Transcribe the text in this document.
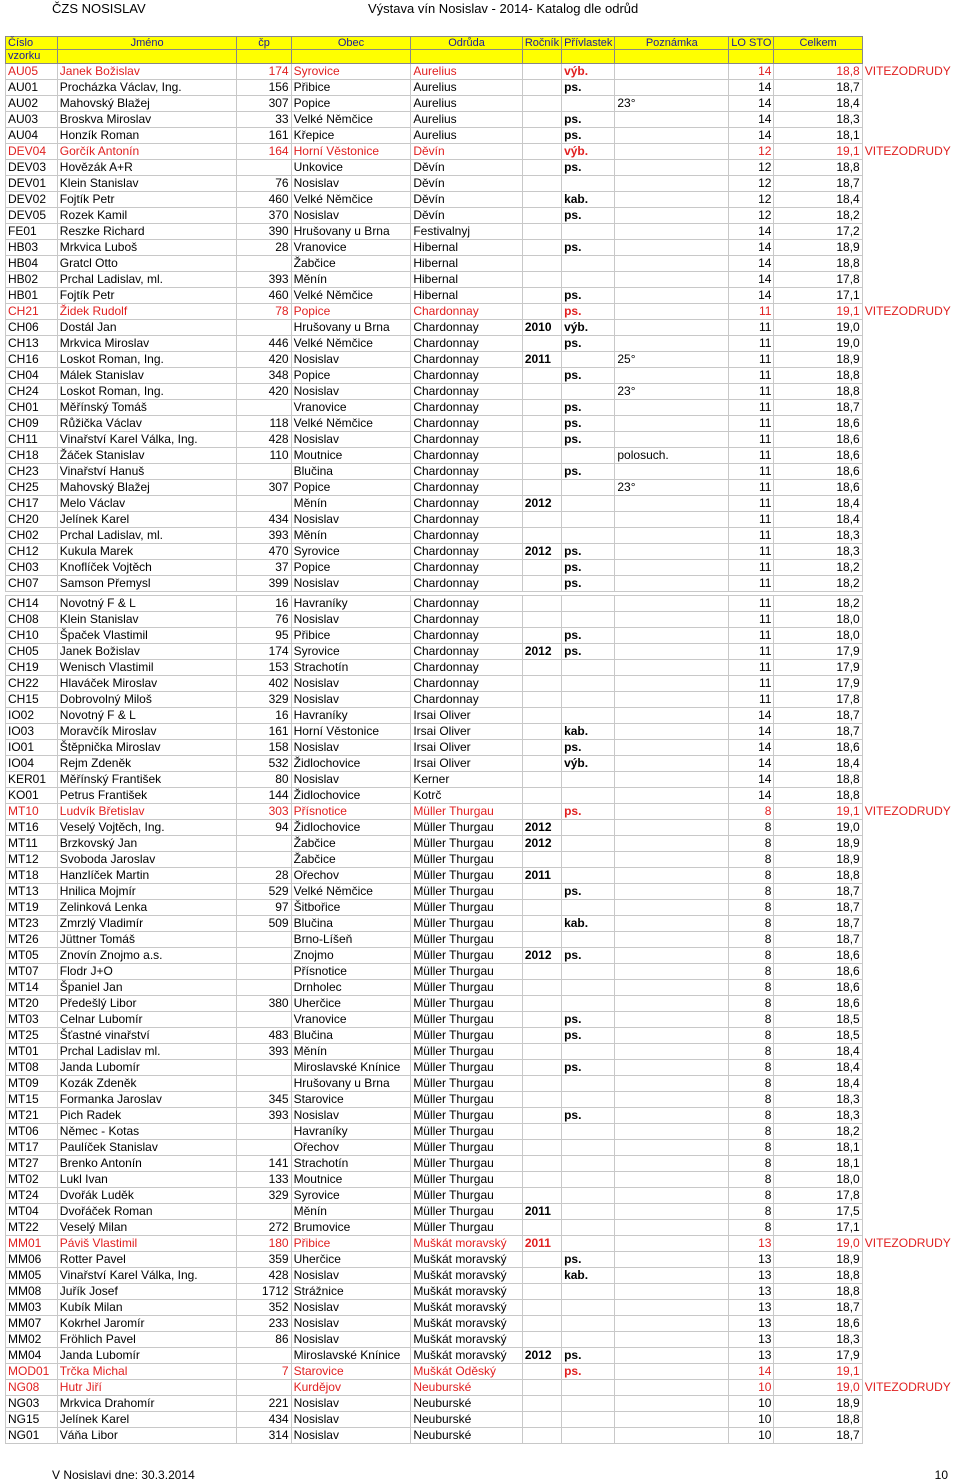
ČZS NOSISLAV	Výstava vín Nosislav - 2014- Katalog dle odrůd
Číslo	Jméno	čp	Obec	Odrůda	Ročník	Přívlastek	Poznámka	LO STO	Celkem	
vzorku										
AU05	Janek Božislav	174	Syrovice	Aurelius		výb.		14	18,8	VITEZODRUDY
AU01	Procházka Václav, Ing.	156	Přibice	Aurelius		ps.		14	18,7	
AU02	Mahovský Blažej	307	Popice	Aurelius			23°	14	18,4	
AU03	Broskva Miroslav	33	Velké Němčice	Aurelius		ps.		14	18,3	
AU04	Honzík Roman	161	Křepice	Aurelius		ps.		14	18,1	
DEV04	Gorčík Antonín	164	Horní Věstonice	Děvín		výb.		12	19,1	VITEZODRUDY
DEV03	Hovězák A+R		Unkovice	Děvín		ps.		12	18,8	
DEV01	Klein Stanislav	76	Nosislav	Děvín				12	18,7	
DEV02	Fojtík Petr	460	Velké Němčice	Děvín		kab.		12	18,4	
DEV05	Rozek Kamil	370	Nosislav	Děvín		ps.		12	18,2	
FE01	Reszke Richard	390	Hrušovany u Brna	Festivalnyj				14	17,2	
HB03	Mrkvica Luboš	28	Vranovice	Hibernal		ps.		14	18,9	
HB04	Gratcl Otto		Žabčice	Hibernal				14	18,8	
HB02	Prchal Ladislav, ml.	393	Měnín	Hibernal				14	17,8	
HB01	Fojtík Petr	460	Velké Němčice	Hibernal		ps.		14	17,1	
CH21	Židek Rudolf	78	Popice	Chardonnay		ps.		11	19,1	VITEZODRUDY
CH06	Dostál Jan		Hrušovany u Brna	Chardonnay	2010	výb.		11	19,0	
CH13	Mrkvica Miroslav	446	Velké Němčice	Chardonnay		ps.		11	19,0	
CH16	Loskot Roman, Ing.	420	Nosislav	Chardonnay	2011		25°	11	18,9	
CH04	Málek Stanislav	348	Popice	Chardonnay		ps.		11	18,8	
CH24	Loskot Roman, Ing.	420	Nosislav	Chardonnay			23°	11	18,8	
CH01	Měřínský Tomáš		Vranovice	Chardonnay		ps.		11	18,7	
CH09	Růžička Václav	118	Velké Němčice	Chardonnay		ps.		11	18,6	
CH11	Vinařství Karel Válka, Ing.	428	Nosislav	Chardonnay		ps.		11	18,6	
CH18	Žáček Stanislav	110	Moutnice	Chardonnay			polosuch.	11	18,6	
CH23	Vinařství Hanuš		Blučina	Chardonnay		ps.		11	18,6	
CH25	Mahovský Blažej	307	Popice	Chardonnay			23°	11	18,6	
CH17	Melo Václav		Měnín	Chardonnay	2012			11	18,4	
CH20	Jelínek Karel	434	Nosislav	Chardonnay				11	18,4	
CH02	Prchal Ladislav, ml.	393	Měnín	Chardonnay				11	18,3	
CH12	Kukula Marek	470	Syrovice	Chardonnay	2012	ps.		11	18,3	
CH03	Knoflíček Vojtěch	37	Popice	Chardonnay		ps.		11	18,2	
CH07	Samson Přemysl	399	Nosislav	Chardonnay		ps.		11	18,2	

CH14	Novotný F & L	16	Havraníky	Chardonnay				11	18,2	
CH08	Klein Stanislav	76	Nosislav	Chardonnay				11	18,0	
CH10	Špaček Vlastimil	95	Přibice	Chardonnay		ps.		11	18,0	
CH05	Janek Božislav	174	Syrovice	Chardonnay	2012	ps.		11	17,9	
CH19	Wenisch Vlastimil	153	Strachotín	Chardonnay				11	17,9	
CH22	Hlaváček Miroslav	402	Nosislav	Chardonnay				11	17,9	
CH15	Dobrovolný Miloš	329	Nosislav	Chardonnay				11	17,8	
IO02	Novotný F & L	16	Havraníky	Irsai Oliver				14	18,7	
IO03	Moravčík Miroslav	161	Horní Věstonice	Irsai Oliver		kab.		14	18,7	
IO01	Štěpnička Miroslav	158	Nosislav	Irsai Oliver		ps.		14	18,6	
IO04	Rejm Zdeněk	532	Židlochovice	Irsai Oliver		výb.		14	18,4	
KER01	Měřínský František	80	Nosislav	Kerner				14	18,8	
KO01	Petrus František	144	Židlochovice	Kotrč				14	18,8	
MT10	Ludvík Břetislav	303	Přísnotice	Müller Thurgau		ps.		8	19,1	VITEZODRUDY
MT16	Veselý Vojtěch, Ing.	94	Židlochovice	Müller Thurgau	2012			8	19,0	
MT11	Brzkovský Jan		Žabčice	Müller Thurgau	2012			8	18,9	
MT12	Svoboda Jaroslav		Žabčice	Müller Thurgau				8	18,9	
MT18	Hanzlíček Martin	28	Ořechov	Müller Thurgau	2011			8	18,8	
MT13	Hnilica Mojmír	529	Velké Němčice	Müller Thurgau		ps.		8	18,7	
MT19	Zelinková Lenka	97	Šitbořice	Müller Thurgau				8	18,7	
MT23	Zmrzlý Vladimír	509	Blučina	Müller Thurgau		kab.		8	18,7	
MT26	Jüttner Tomáš		Brno-Líšeň	Müller Thurgau				8	18,7	
MT05	Znovín Znojmo a.s.		Znojmo	Müller Thurgau	2012	ps.		8	18,6	
MT07	Flodr J+O		Přísnotice	Müller Thurgau				8	18,6	
MT14	Španiel Jan		Drnholec	Müller Thurgau				8	18,6	
MT20	Předešlý Libor	380	Uherčice	Müller Thurgau				8	18,6	
MT03	Celnar Lubomír		Vranovice	Müller Thurgau		ps.		8	18,5	
MT25	Šťastné vinařství	483	Blučina	Müller Thurgau		ps.		8	18,5	
MT01	Prchal Ladislav ml.	393	Měnín	Müller Thurgau				8	18,4	
MT08	Janda Lubomír		Miroslavské Knínice	Müller Thurgau		ps.		8	18,4	
MT09	Kozák Zdeněk		Hrušovany u Brna	Müller Thurgau				8	18,4	
MT15	Formanka Jaroslav	345	Starovice	Müller Thurgau				8	18,3	
MT21	Pich Radek	393	Nosislav	Müller Thurgau		ps.		8	18,3	
MT06	Němec - Kotas		Havraníky	Müller Thurgau				8	18,2	
MT17	Paulíček Stanislav		Ořechov	Müller Thurgau				8	18,1	
MT27	Brenko Antonín	141	Strachotín	Müller Thurgau				8	18,1	
MT02	Lukl Ivan	133	Moutnice	Müller Thurgau				8	18,0	
MT24	Dvořák Luděk	329	Syrovice	Müller Thurgau				8	17,8	
MT04	Dvořáček Roman		Měnín	Müller Thurgau	2011			8	17,5	
MT22	Veselý Milan	272	Brumovice	Müller Thurgau				8	17,1	
MM01	Páviš Vlastimil	180	Přibice	Muškát moravský	2011			13	19,0	VITEZODRUDY
MM06	Rotter Pavel	359	Uherčice	Muškát moravský		ps.		13	18,9	
MM05	Vinařství Karel Válka, Ing.	428	Nosislav	Muškát moravský		kab.		13	18,8	
MM08	Juřík Josef	1712	Strážnice	Muškát moravský				13	18,8	
MM03	Kubík Milan	352	Nosislav	Muškát moravský				13	18,7	
MM07	Kokrhel Jaromír	233	Nosislav	Muškát moravský				13	18,6	
MM02	Fröhlich Pavel	86	Nosislav	Muškát moravský				13	18,3	
MM04	Janda Lubomír		Miroslavské Knínice	Muškát moravský	2012	ps.		13	17,9	
MOD01	Trčka Michal	7	Starovice	Muškát Oděský		ps.		14	19,1	
NG08	Hutr Jiří		Kurdějov	Neuburské				10	19,0	VITEZODRUDY
NG03	Mrkvica Drahomír	221	Nosislav	Neuburské				10	18,9	
NG15	Jelínek Karel	434	Nosislav	Neuburské				10	18,8	
NG01	Váňa Libor	314	Nosislav	Neuburské				10	18,7	
V Nosislavi dne: 30.3.2014	10
